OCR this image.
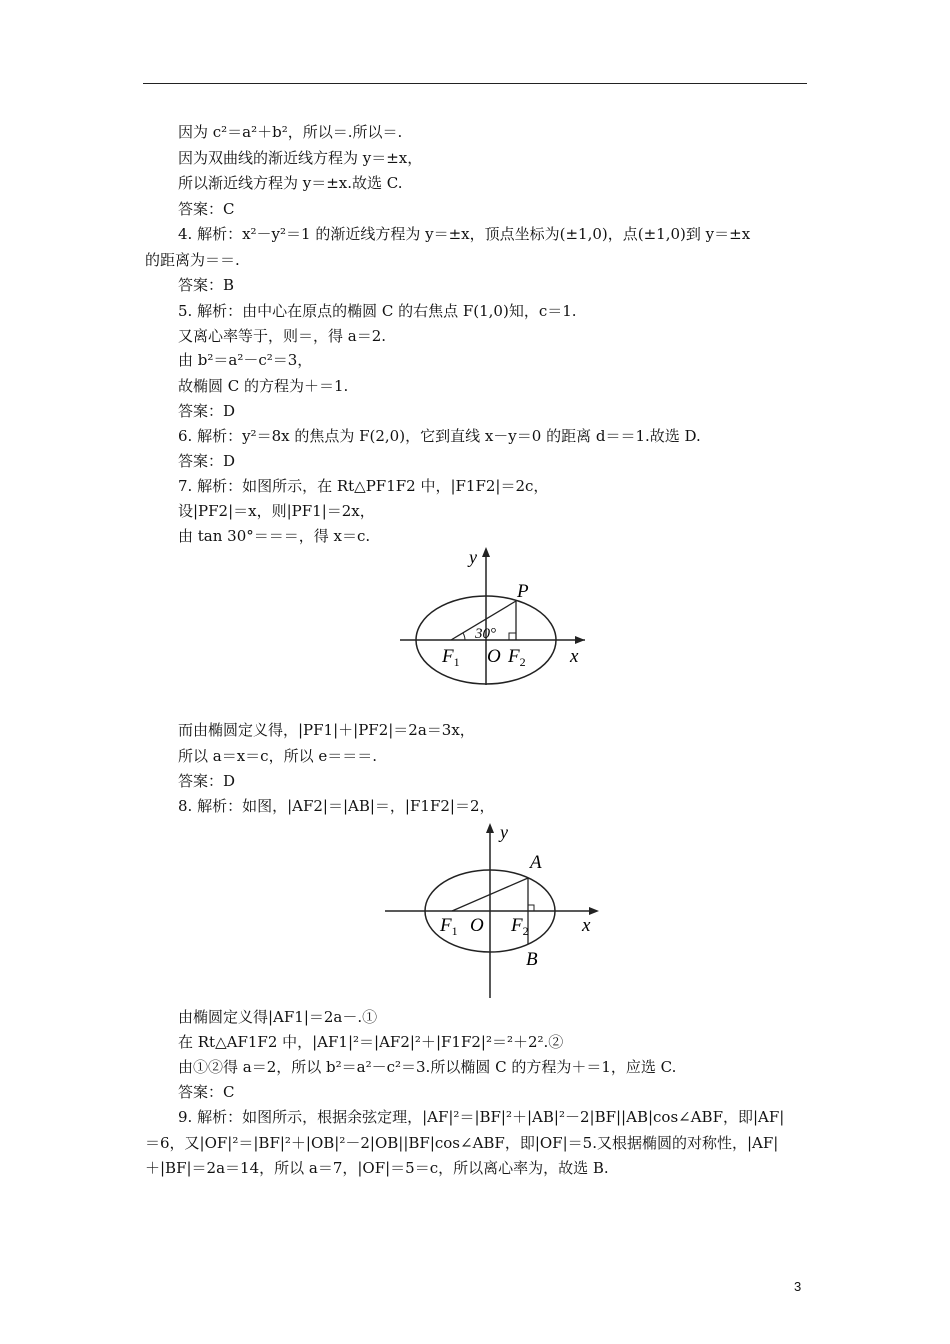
因为 c²＝a²＋b²，所以＝.所以＝.
因为双曲线的渐近线方程为 y＝±x，
所以渐近线方程为 y＝±x.故选 C.
答案：C
4. 解析：x²－y²＝1 的渐近线方程为 y＝±x，顶点坐标为(±1,0)，点(±1,0)到 y＝±x
的距离为＝＝.
答案：B
5. 解析：由中心在原点的椭圆 C 的右焦点 F(1,0)知，c＝1.
又离心率等于，则＝，得 a＝2.
由 b²＝a²－c²＝3，
故椭圆 C 的方程为＋＝1.
答案：D
6. 解析：y²＝8x 的焦点为 F(2,0)，它到直线 x－y＝0 的距离 d＝＝1.故选 D.
答案：D
7. 解析：如图所示，在 Rt△PF1F2 中，|F1F2|＝2c，
设|PF2|＝x，则|PF1|＝2x，
由 tan 30°＝＝＝，得 x＝c.
y
P
30°
$F_1$ O $F_2$ x
而由椭圆定义得，|PF1|＋|PF2|＝2a＝3x，
所以 a＝x＝c，所以 e＝＝＝.
答案：D
8. 解析：如图，|AF2|＝|AB|＝，|F1F2|＝2，
y
A
$F_1$ O $F_2$	x
B
由椭圆定义得|AF1|＝2a－.①
在 Rt△AF1F2 中，|AF1|²＝|AF2|²＋|F1F2|²＝²＋2².②
由①②得 a＝2，所以 b²＝a²－c²＝3.所以椭圆 C 的方程为＋＝1，应选 C.
答案：C
9. 解析：如图所示，根据余弦定理，|AF|²＝|BF|²＋|AB|²－2|BF||AB|cos∠ABF，即|AF|
＝6，又|OF|²＝|BF|²＋|OB|²－2|OB||BF|cos∠ABF，即|OF|＝5.又根据椭圆的对称性，|AF|
＋|BF|＝2a＝14，所以 a＝7，|OF|＝5＝c，所以离心率为，故选 B.
3
